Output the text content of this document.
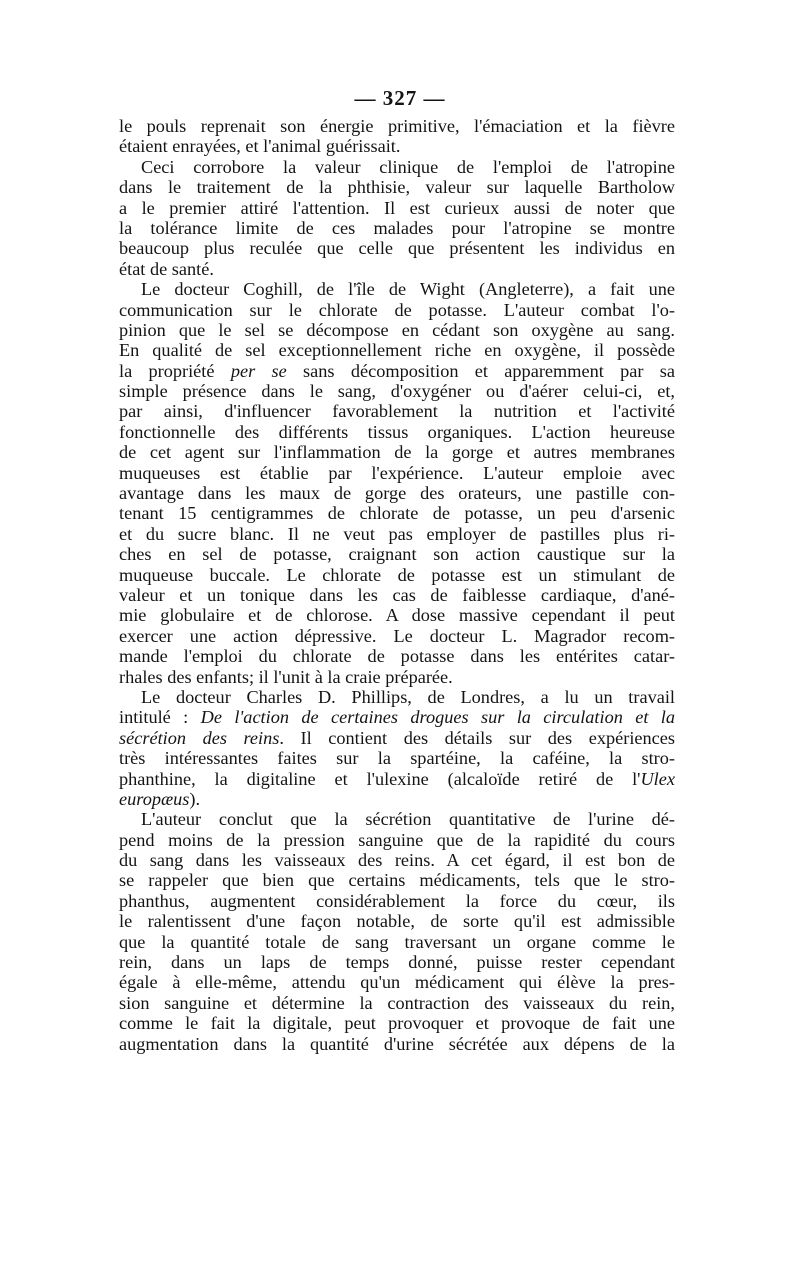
— 327 —
le pouls reprenait son énergie primitive, l'émaciation et la fièvre
étaient enrayées, et l'animal guérissait.
Ceci corrobore la valeur clinique de l'emploi de l'atropine
dans le traitement de la phthisie, valeur sur laquelle Bartholow
a le premier attiré l'attention. Il est curieux aussi de noter que
la tolérance limite de ces malades pour l'atropine se montre
beaucoup plus reculée que celle que présentent les individus en
état de santé.
Le docteur Coghill, de l'île de Wight (Angleterre), a fait une
communication sur le chlorate de potasse. L'auteur combat l'o-
pinion que le sel se décompose en cédant son oxygène au sang.
En qualité de sel exceptionnellement riche en oxygène, il possède
la propriété per se sans décomposition et apparemment par sa
simple présence dans le sang, d'oxygéner ou d'aérer celui-ci, et,
par ainsi, d'influencer favorablement la nutrition et l'activité
fonctionnelle des différents tissus organiques. L'action heureuse
de cet agent sur l'inflammation de la gorge et autres membranes
muqueuses est établie par l'expérience. L'auteur emploie avec
avantage dans les maux de gorge des orateurs, une pastille con-
tenant 15 centigrammes de chlorate de potasse, un peu d'arsenic
et du sucre blanc. Il ne veut pas employer de pastilles plus ri-
ches en sel de potasse, craignant son action caustique sur la
muqueuse buccale. Le chlorate de potasse est un stimulant de
valeur et un tonique dans les cas de faiblesse cardiaque, d'ané-
mie globulaire et de chlorose. A dose massive cependant il peut
exercer une action dépressive. Le docteur L. Magrador recom-
mande l'emploi du chlorate de potasse dans les entérites catar-
rhales des enfants; il l'unit à la craie préparée.
Le docteur Charles D. Phillips, de Londres, a lu un travail
intitulé : De l'action de certaines drogues sur la circulation et la
sécrétion des reins. Il contient des détails sur des expériences
très intéressantes faites sur la spartéine, la caféine, la stro-
phanthine, la digitaline et l'ulexine (alcaloïde retiré de l'Ulex
europæus).
L'auteur conclut que la sécrétion quantitative de l'urine dé-
pend moins de la pression sanguine que de la rapidité du cours
du sang dans les vaisseaux des reins. A cet égard, il est bon de
se rappeler que bien que certains médicaments, tels que le stro-
phanthus, augmentent considérablement la force du cœur, ils
le ralentissent d'une façon notable, de sorte qu'il est admissible
que la quantité totale de sang traversant un organe comme le
rein, dans un laps de temps donné, puisse rester cependant
égale à elle-même, attendu qu'un médicament qui élève la pres-
sion sanguine et détermine la contraction des vaisseaux du rein,
comme le fait la digitale, peut provoquer et provoque de fait une
augmentation dans la quantité d'urine sécrétée aux dépens de la
